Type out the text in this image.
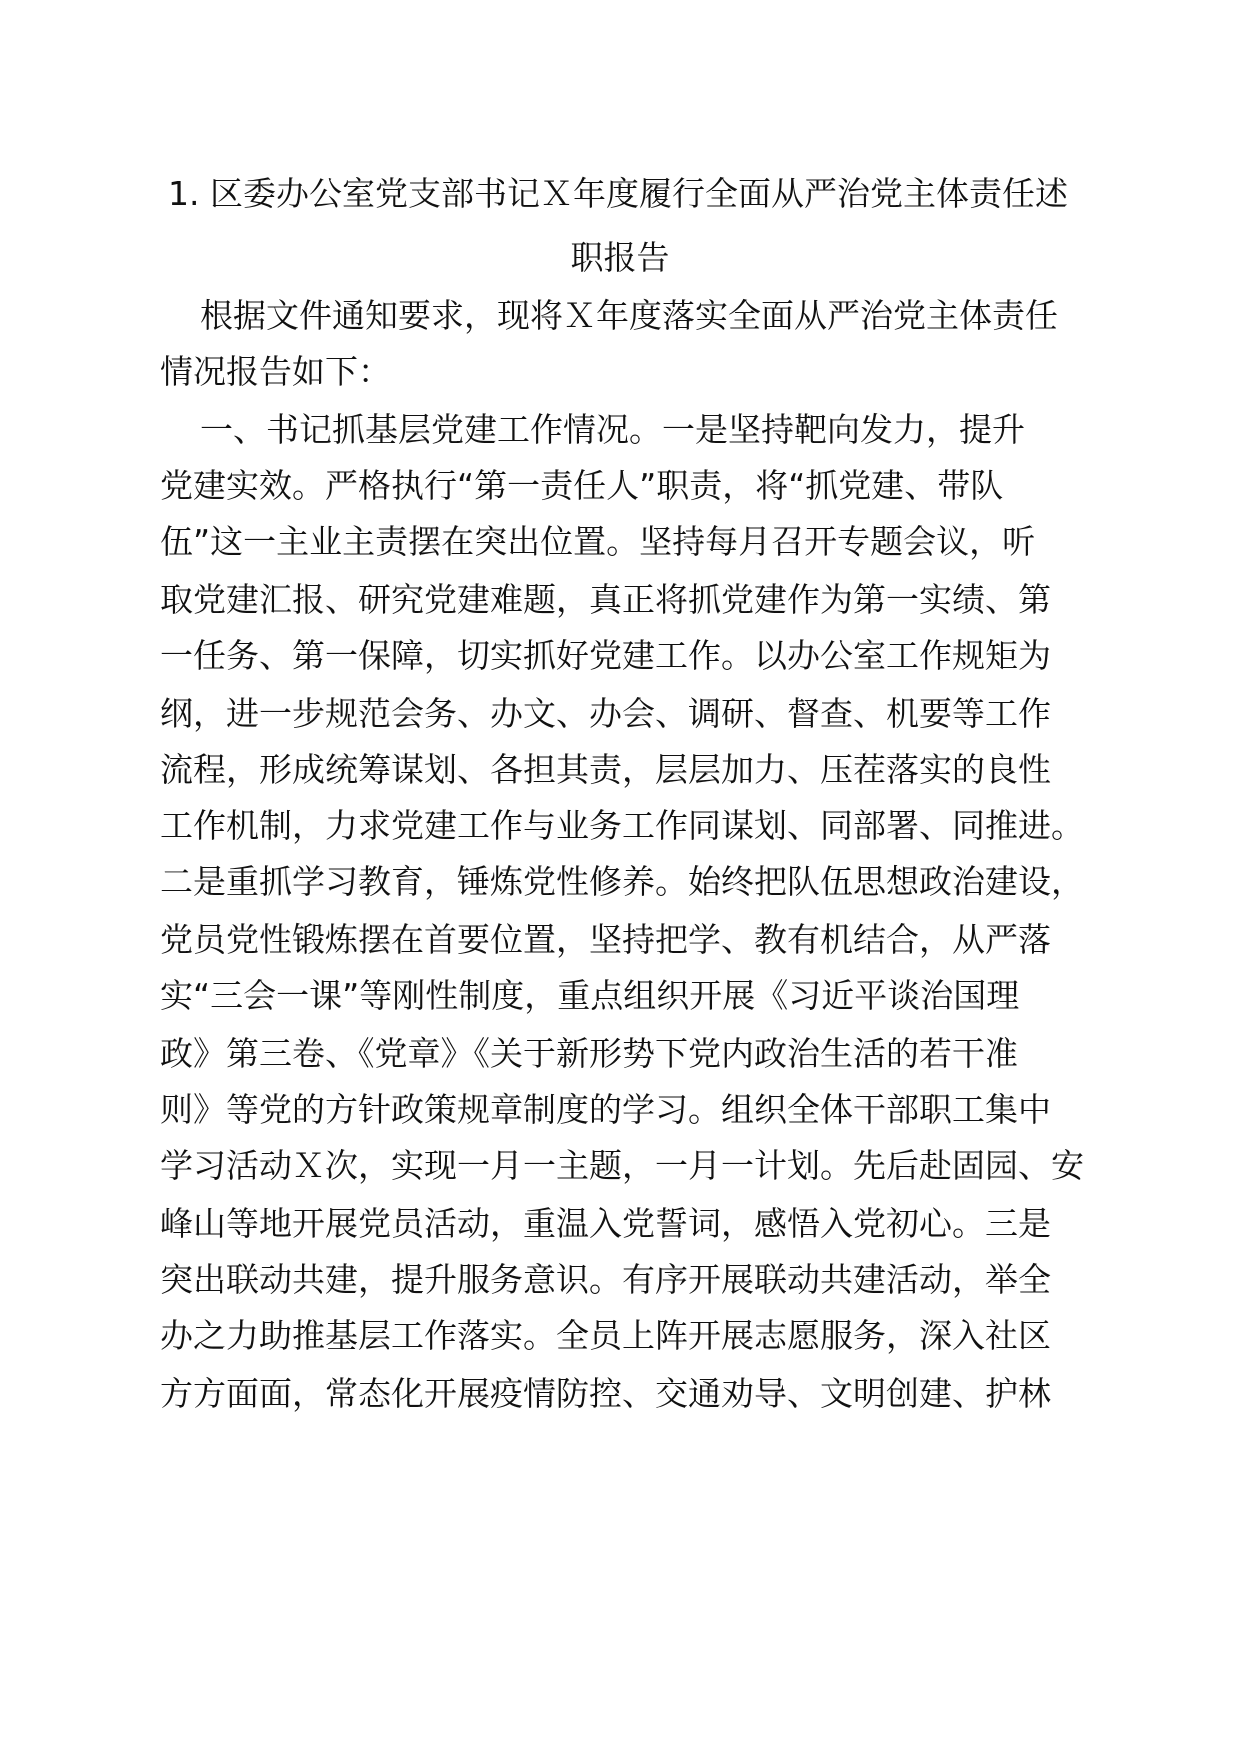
1. 区委办公室党支部书记Ｘ年度履行全面从严治党主体责任述
职报告
根据文件通知要求，现将Ｘ年度落实全面从严治党主体责任
情况报告如下：
一、书记抓基层党建工作情况。一是坚持靶向发力，提升
党建实效。严格执行“第一责任人”职责，将“抓党建、带队
伍”这一主业主责摆在突出位置。坚持每月召开专题会议，听
取党建汇报、研究党建难题，真正将抓党建作为第一实绩、第
一任务、第一保障，切实抓好党建工作。以办公室工作规矩为
纲，进一步规范会务、办文、办会、调研、督查、机要等工作
流程，形成统筹谋划、各担其责，层层加力、压茬落实的良性
工作机制，力求党建工作与业务工作同谋划、同部署、同推进。
二是重抓学习教育，锤炼党性修养。始终把队伍思想政治建设，
党员党性锻炼摆在首要位置，坚持把学、教有机结合，从严落
实“三会一课”等刚性制度，重点组织开展《习近平谈治国理
政》第三卷、《党章》《关于新形势下党内政治生活的若干准
则》等党的方针政策规章制度的学习。组织全体干部职工集中
学习活动Ｘ次，实现一月一主题，一月一计划。先后赴固园、安
峰山等地开展党员活动，重温入党誓词，感悟入党初心。三是
突出联动共建，提升服务意识。有序开展联动共建活动，举全
办之力助推基层工作落实。全员上阵开展志愿服务，深入社区
方方面面，常态化开展疫情防控、交通劝导、文明创建、护林
